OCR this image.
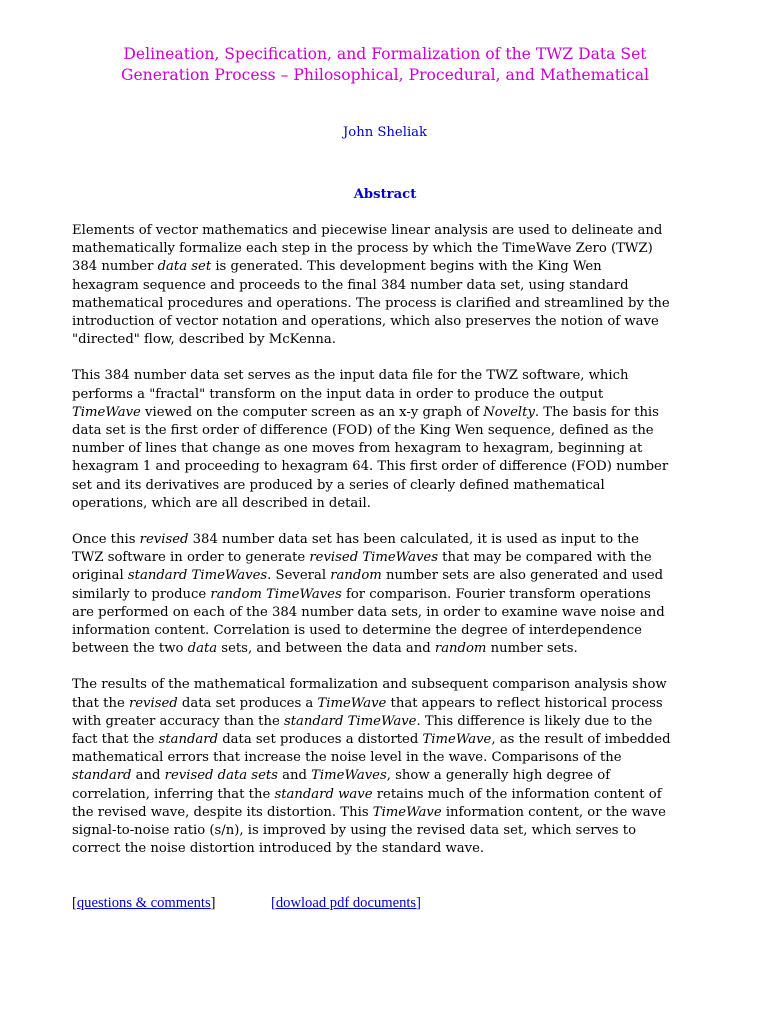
Delineation, Specification, and Formalization of the TWZ Data Set
Generation Process – Philosophical, Procedural, and Mathematical
John Sheliak
Abstract
Elements of vector mathematics and piecewise linear analysis are used to delineate and
mathematically formalize each step in the process by which the TimeWave Zero (TWZ)
384 number data set is generated. This development begins with the King Wen
hexagram sequence and proceeds to the final 384 number data set, using standard
mathematical procedures and operations. The process is clarified and streamlined by the
introduction of vector notation and operations, which also preserves the notion of wave
"directed" flow, described by McKenna.
This 384 number data set serves as the input data file for the TWZ software, which
performs a "fractal" transform on the input data in order to produce the output
TimeWave viewed on the computer screen as an x-y graph of Novelty. The basis for this
data set is the first order of difference (FOD) of the King Wen sequence, defined as the
number of lines that change as one moves from hexagram to hexagram, beginning at
hexagram 1 and proceeding to hexagram 64. This first order of difference (FOD) number
set and its derivatives are produced by a series of clearly defined mathematical
operations, which are all described in detail.
Once this revised 384 number data set has been calculated, it is used as input to the
TWZ software in order to generate revised TimeWaves that may be compared with the
original standard TimeWaves. Several random number sets are also generated and used
similarly to produce random TimeWaves for comparison. Fourier transform operations
are performed on each of the 384 number data sets, in order to examine wave noise and
information content. Correlation is used to determine the degree of interdependence
between the two data sets, and between the data and random number sets.
The results of the mathematical formalization and subsequent comparison analysis show
that the revised data set produces a TimeWave that appears to reflect historical process
with greater accuracy than the standard TimeWave. This difference is likely due to the
fact that the standard data set produces a distorted TimeWave, as the result of imbedded
mathematical errors that increase the noise level in the wave. Comparisons of the
standard and revised data sets and TimeWaves, show a generally high degree of
correlation, inferring that the standard wave retains much of the information content of
the revised wave, despite its distortion. This TimeWave information content, or the wave
signal-to-noise ratio (s/n), is improved by using the revised data set, which serves to
correct the noise distortion introduced by the standard wave.
[questions & comments]	[dowload pdf documents]
